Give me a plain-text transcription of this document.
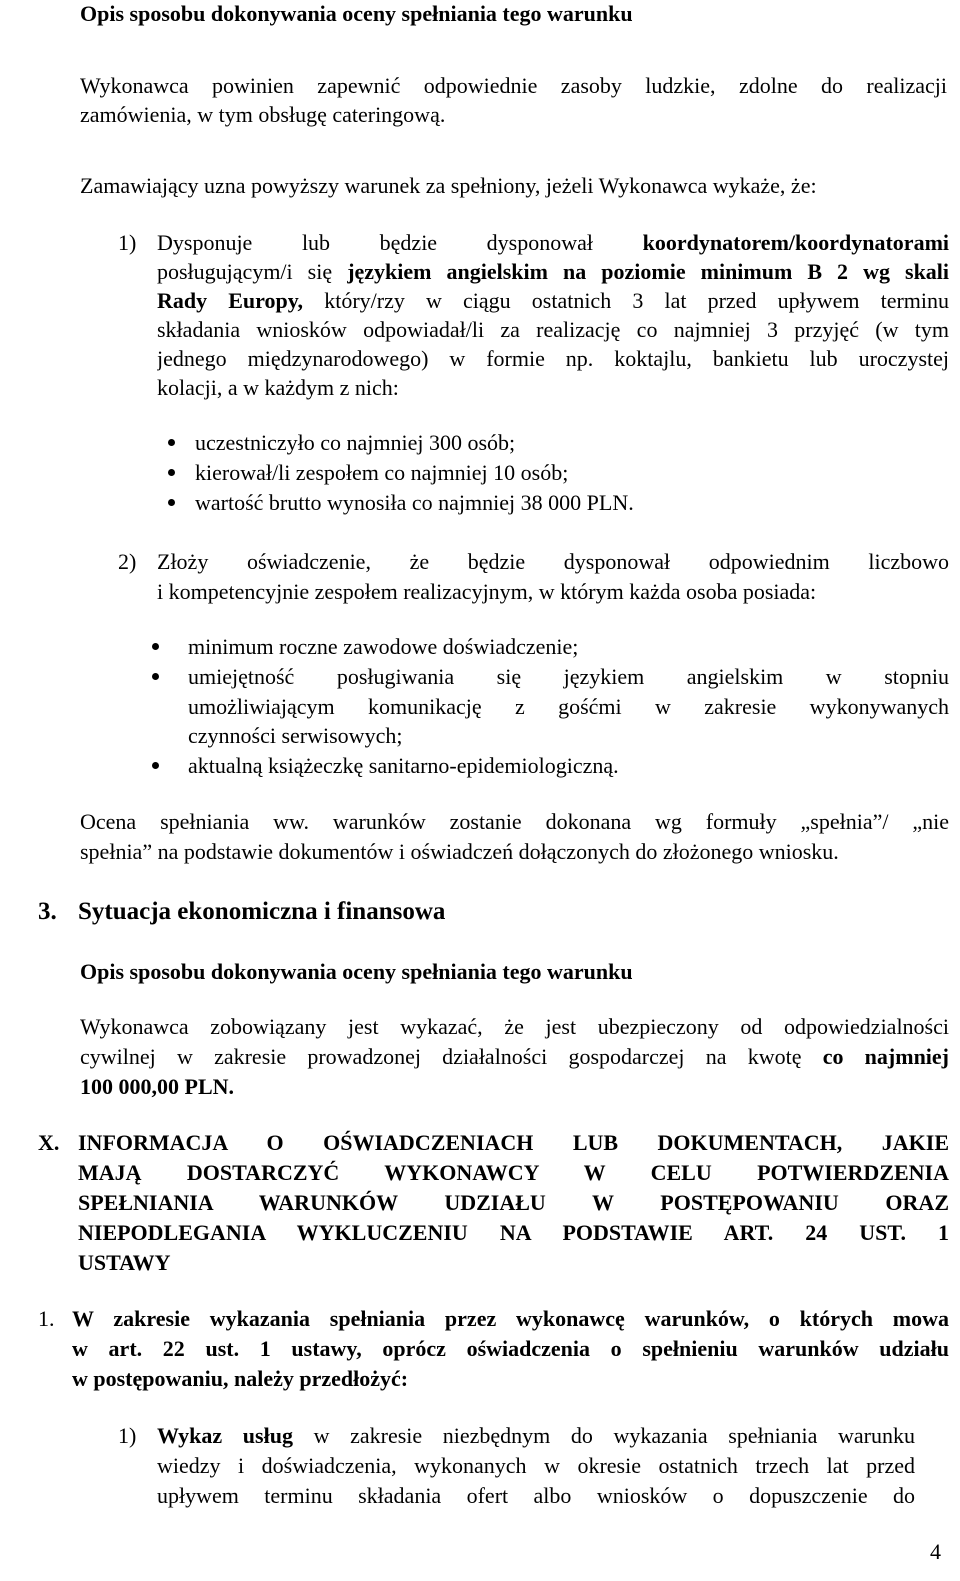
Opis sposobu dokonywania oceny spełniania tego warunku
Wykonawca powinien zapewnić odpowiednie zasoby ludzkie, zdolne do realizacji
zamówienia, w tym obsługę cateringową.
Zamawiający uzna powyższy warunek za spełniony, jeżeli Wykonawca wykaże, że:
1) Dysponuje lub będzie dysponował koordynatorem/koordynatorami
posługującym/i się językiem angielskim na poziomie minimum B 2 wg skali
Rady Europy, który/rzy w ciągu ostatnich 3 lat przed upływem terminu
składania wniosków odpowiadał/li za realizację co najmniej 3 przyjęć (w tym
jednego międzynarodowego) w formie np. koktajlu, bankietu lub uroczystej
kolacji, a w każdym z nich:
uczestniczyło co najmniej 300 osób;
kierował/li zespołem co najmniej 10 osób;
wartość brutto wynosiła co najmniej 38 000 PLN.
2) Złoży oświadczenie, że będzie dysponował odpowiednim liczbowo
i kompetencyjnie zespołem realizacyjnym, w którym każda osoba posiada:
minimum roczne zawodowe doświadczenie;
umiejętność posługiwania się językiem angielskim w stopniu
umożliwiającym komunikację z gośćmi w zakresie wykonywanych
czynności serwisowych;
aktualną książeczkę sanitarno-epidemiologiczną.
Ocena spełniania ww. warunków zostanie dokonana wg formuły „spełnia”/ „nie
spełnia” na podstawie dokumentów i oświadczeń dołączonych do złożonego wniosku.
3. Sytuacja ekonomiczna i finansowa
Opis sposobu dokonywania oceny spełniania tego warunku
Wykonawca zobowiązany jest wykazać, że jest ubezpieczony od odpowiedzialności
cywilnej w zakresie prowadzonej działalności gospodarczej na kwotę co najmniej
100 000,00 PLN.
X. INFORMACJA O OŚWIADCZENIACH LUB DOKUMENTACH, JAKIE
MAJĄ DOSTARCZYĆ WYKONAWCY W CELU POTWIERDZENIA
SPEŁNIANIA WARUNKÓW UDZIAŁU W POSTĘPOWANIU ORAZ
NIEPODLEGANIA WYKLUCZENIU NA PODSTAWIE ART. 24 UST. 1
USTAWY
1. W zakresie wykazania spełniania przez wykonawcę warunków, o których mowa
w art. 22 ust. 1 ustawy, oprócz oświadczenia o spełnieniu warunków udziału
w postępowaniu, należy przedłożyć:
1) Wykaz usług w zakresie niezbędnym do wykazania spełniania warunku
wiedzy i doświadczenia, wykonanych w okresie ostatnich trzech lat przed
upływem terminu składania ofert albo wniosków o dopuszczenie do
4
